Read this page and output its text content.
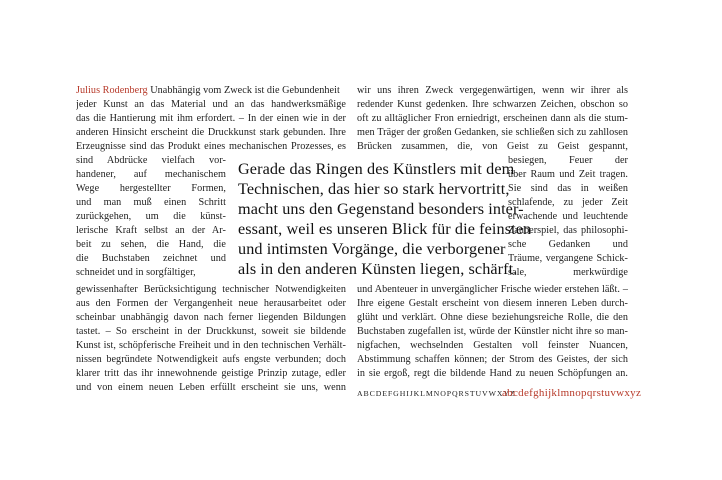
Julius Rodenberg Unabhängig vom Zweck ist die Gebundenheit
jeder Kunst an das Material und an das handwerksmäßige
das die Hantierung mit ihm erfordert. – In der einen wie in der
anderen Hinsicht erscheint die Druckkunst stark gebunden. Ihre
Erzeugnisse sind das Produkt eines mechanischen Prozesses, es
sind Abdrücke vielfach vor-
handener, auf mechanischem
Wege hergestellter Formen,
und man muß einen Schritt
zurückgehen, um die künst-
lerische Kraft selbst an der Ar-
beit zu sehen, die Hand, die
die Buchstaben zeichnet und
schneidet und in sorgfältiger,
gewissenhafter Berücksichtigung technischer Notwendigkeiten
aus den Formen der Vergangenheit neue herausarbeitet oder
scheinbar unabhängig davon nach ferner liegenden Bildungen
tastet. – So erscheint in der Druckkunst, soweit sie bildende
Kunst ist, schöpferische Freiheit und in den technischen Verhält-
nissen begründete Notwendigkeit aufs engste verbunden; doch
klarer tritt das ihr innewohnende geistige Prinzip zutage, edler
und von einem neuen Leben erfüllt erscheint sie uns, wenn
wir uns ihren Zweck vergegenwärtigen, wenn wir ihrer als
redender Kunst gedenken. Ihre schwarzen Zeichen, obschon so
oft zu alltäglicher Fron erniedrigt, erscheinen dann als die stum-
men Träger der großen Gedanken, sie schließen sich zu zahllosen
Brücken zusammen, die, von Geist zu Geist gespannt,
besiegen, Feuer der
über Raum und Zeit tragen.
Sie sind das in weißen
schlafende, zu jeder Zeit
erwachende und leuchtende
Zauberspiel, das philosophi-
sche Gedanken und
Träume, vergangene Schick-
sale, merkwürdige
und Abenteuer in unvergänglicher Frische wieder erstehen läßt. –
Ihre eigene Gestalt erscheint von diesem inneren Leben durch-
glüht und verklärt. Ohne diese beziehungsreiche Rolle, die den
Buchstaben zugefallen ist, würde der Künstler nicht ihre so man-
nigfachen, wechselnden Gestalten voll feinster Nuancen,
Abstimmung schaffen können; der Strom des Geistes, der sich
in sie ergoß, regt die bildende Hand zu neuen Schöpfungen an.
Gerade das Ringen des Künstlers mit dem
Technischen, das hier so stark hervortritt,
macht uns den Gegenstand besonders inter-
essant, weil es unseren Blick für die feinsten
und intimsten Vorgänge, die verborgener
als in den anderen Künsten liegen, schärft.
ABCDEFGHIJKLMNOPQRSTUVWXYZ
abcdefghijklmnopqrstuvwxyz
